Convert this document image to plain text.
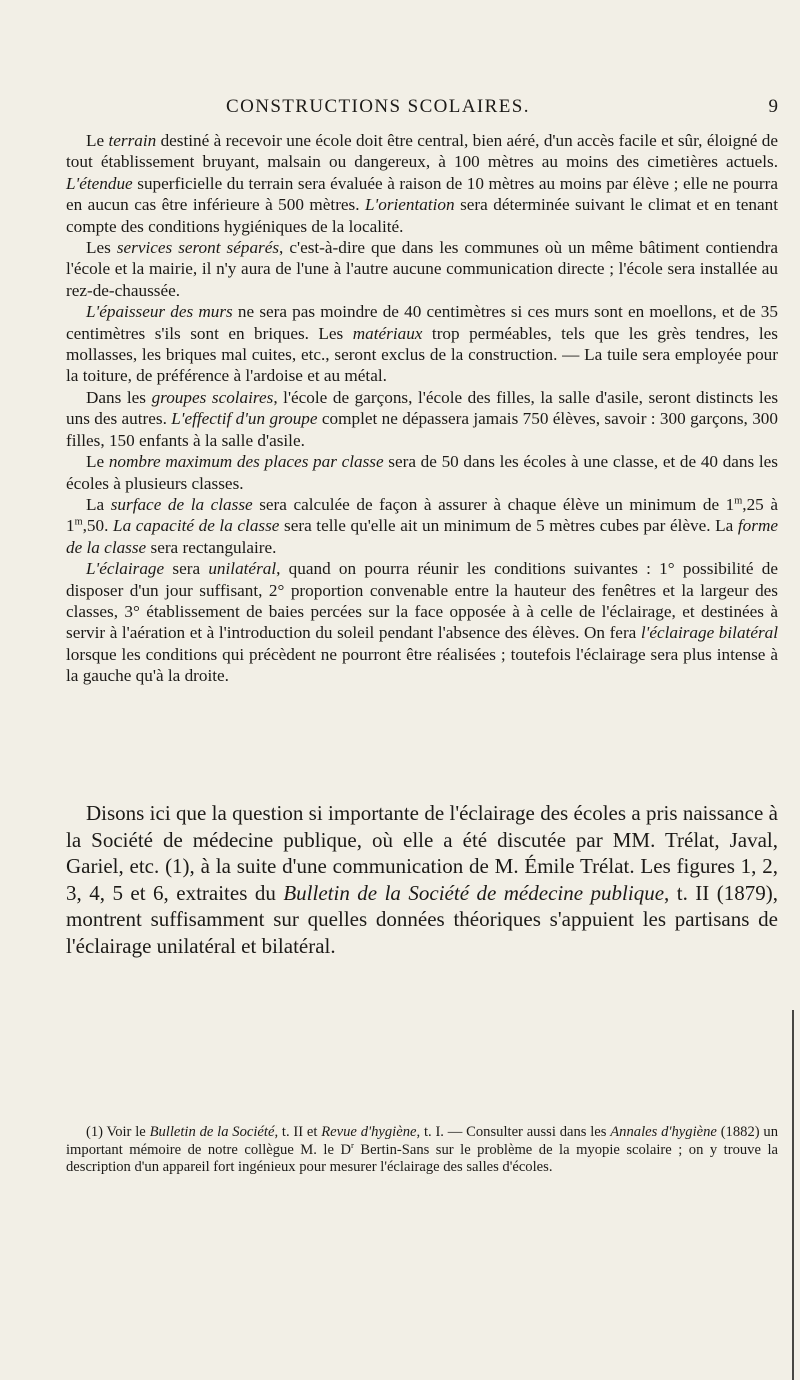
CONSTRUCTIONS SCOLAIRES.	9

Le terrain destiné à recevoir une école doit être central, bien aéré, d'un accès facile et sûr, éloigné de tout établissement bruyant, malsain ou dangereux, à 100 mètres au moins des cimetières actuels. L'étendue superficielle du terrain sera évaluée à raison de 10 mètres au moins par élève ; elle ne pourra en aucun cas être inférieure à 500 mètres. L'orientation sera déterminée suivant le climat et en tenant compte des conditions hygiéniques de la localité.

Les services seront séparés, c'est-à-dire que dans les communes où un même bâtiment contiendra l'école et la mairie, il n'y aura de l'une à l'autre aucune communication directe ; l'école sera installée au rez-de-chaussée.

L'épaisseur des murs ne sera pas moindre de 40 centimètres si ces murs sont en moellons, et de 35 centimètres s'ils sont en briques. Les matériaux trop perméables, tels que les grès tendres, les mollasses, les briques mal cuites, etc., seront exclus de la construction. — La tuile sera employée pour la toiture, de préférence à l'ardoise et au métal.

Dans les groupes scolaires, l'école de garçons, l'école des filles, la salle d'asile, seront distincts les uns des autres. L'effectif d'un groupe complet ne dépassera jamais 750 élèves, savoir : 300 garçons, 300 filles, 150 enfants à la salle d'asile.

Le nombre maximum des places par classe sera de 50 dans les écoles à une classe, et de 40 dans les écoles à plusieurs classes.

La surface de la classe sera calculée de façon à assurer à chaque élève un minimum de 1$^m$,25 à 1$^m$,50. La capacité de la classe sera telle qu'elle ait un minimum de 5 mètres cubes par élève. La forme de la classe sera rectangulaire.

L'éclairage sera unilatéral, quand on pourra réunir les conditions suivantes : 1° possibilité de disposer d'un jour suffisant, 2° proportion convenable entre la hauteur des fenêtres et la largeur des classes, 3° établissement de baies percées sur la face opposée à à celle de l'éclairage, et destinées à servir à l'aération et à l'introduction du soleil pendant l'absence des élèves. On fera l'éclairage bilatéral lorsque les conditions qui précèdent ne pourront être réalisées ; toutefois l'éclairage sera plus intense à la gauche qu'à la droite.

Disons ici que la question si importante de l'éclairage des écoles a pris naissance à la Société de médecine publique, où elle a été discutée par MM. Trélat, Javal, Gariel, etc. (1), à la suite d'une communication de M. Émile Trélat. Les figures 1, 2, 3, 4, 5 et 6, extraites du Bulletin de la Société de médecine publique, t. II (1879), montrent suffisamment sur quelles données théoriques s'appuient les partisans de l'éclairage unilatéral et bilatéral.

(1) Voir le Bulletin de la Société, t. II et Revue d'hygiène, t. I. — Consulter aussi dans les Annales d'hygiène (1882) un important mémoire de notre collègue M. le $D^r$ Bertin-Sans sur le problème de la myopie scolaire ; on y trouve la description d'un appareil fort ingénieux pour mesurer l'éclairage des salles d'écoles.
